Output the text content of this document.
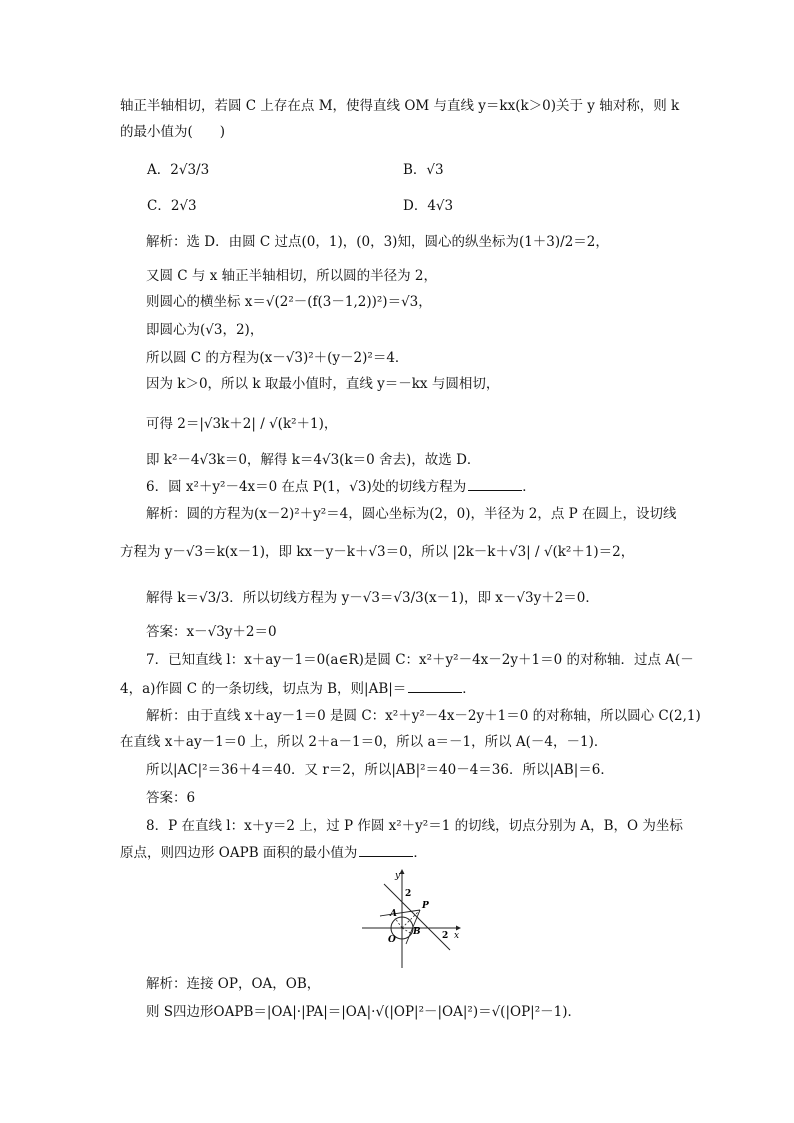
轴正半轴相切，若圆 C 上存在点 M，使得直线 OM 与直线 y＝kx(k＞0)关于 y 轴对称，则 k
的最小值为(　　)
A．2√3/3	B．√3
C．2√3	D．4√3
解析：选 D．由圆 C 过点(0，1)，(0，3)知，圆心的纵坐标为(1＋3)/2＝2，
又圆 C 与 x 轴正半轴相切，所以圆的半径为 2，
则圆心的横坐标 x＝√(2²－(f(3－1,2))²)＝√3，
即圆心为(√3，2)，
所以圆 C 的方程为(x－√3)²＋(y－2)²＝4．
因为 k＞0，所以 k 取最小值时，直线 y＝－kx 与圆相切，
可得 2＝|√3k＋2| / √(k²＋1)，
即 k²－4√3k＝0，解得 k＝4√3(k＝0 舍去)，故选 D．
6．圆 x²＋y²－4x＝0 在点 P(1，√3)处的切线方程为	．
解析：圆的方程为(x－2)²＋y²＝4，圆心坐标为(2，0)，半径为 2，点 P 在圆上，设切线
方程为 y－√3＝k(x－1)，即 kx－y－k＋√3＝0，所以 |2k－k＋√3| / √(k²＋1)＝2，
解得 k＝√3/3．所以切线方程为 y－√3＝√3/3(x－1)，即 x－√3y＋2＝0．
答案：x－√3y＋2＝0
7．已知直线 l：x＋ay－1＝0(a∈R)是圆 C：x²＋y²－4x－2y＋1＝0 的对称轴．过点 A(－
4，a)作圆 C 的一条切线，切点为 B，则|AB|＝	．
解析：由于直线 x＋ay－1＝0 是圆 C：x²＋y²－4x－2y＋1＝0 的对称轴，所以圆心 C(2,1)
在直线 x＋ay－1＝0 上，所以 2＋a－1＝0，所以 a＝－1，所以 A(－4，－1)．
所以|AC|²＝36＋4＝40．又 r＝2，所以|AB|²＝40－4＝36．所以|AB|＝6．
答案：6
8．P 在直线 l：x＋y＝2 上，过 P 作圆 x²＋y²＝1 的切线，切点分别为 A，B，O 为坐标
原点，则四边形 OAPB 面积的最小值为	．
y
x
O
A
B
P
2
2
解析：连接 OP，OA，OB，
则 S四边形OAPB＝|OA|·|PA|＝|OA|·√(|OP|²－|OA|²)＝√(|OP|²－1)．
